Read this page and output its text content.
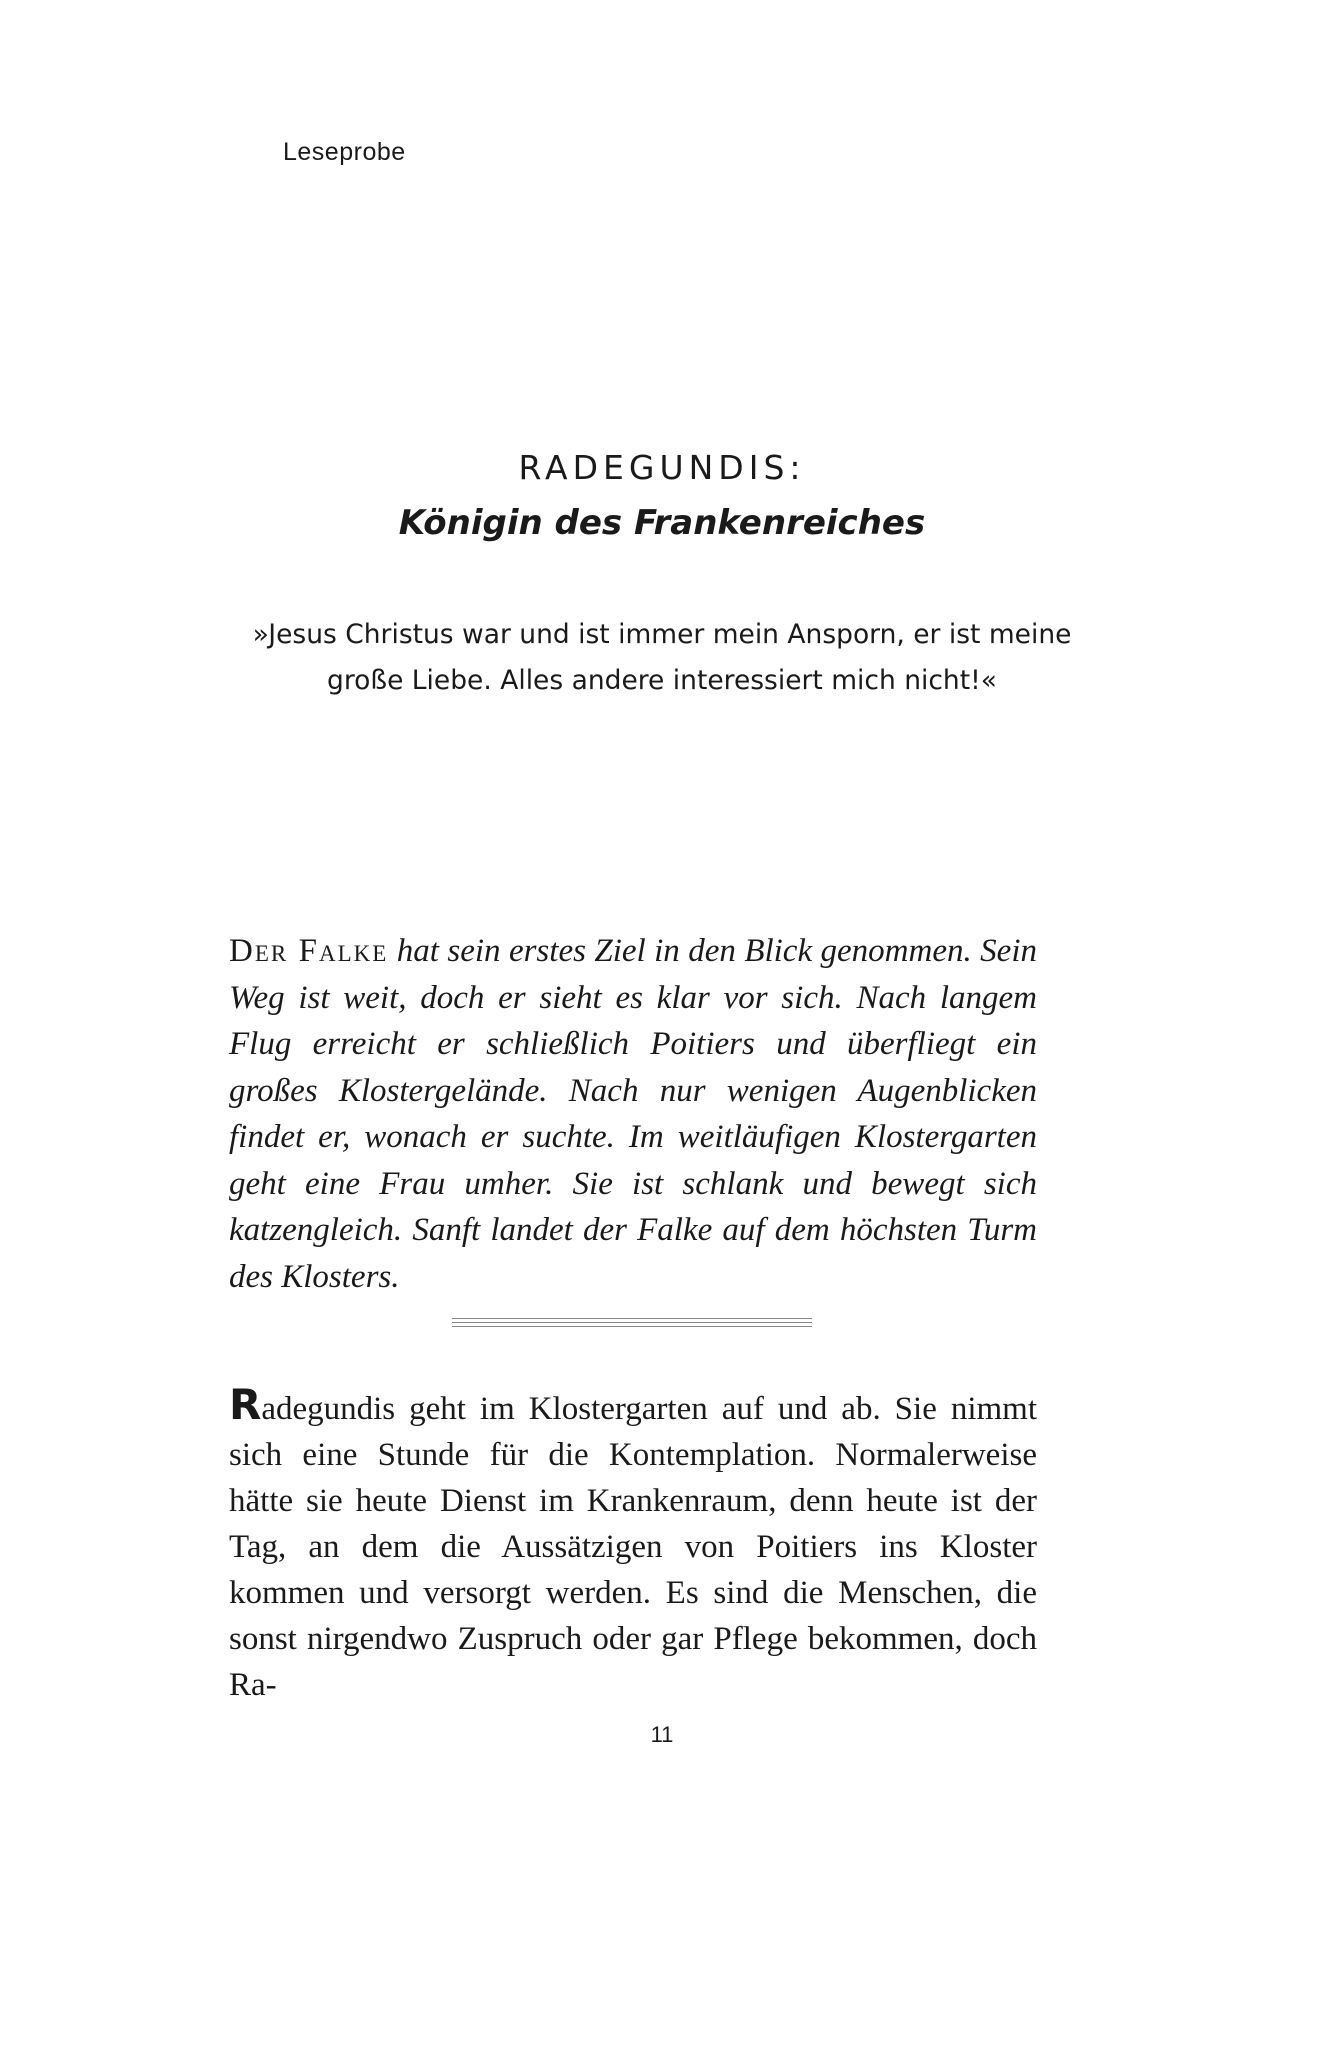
Leseprobe

RADEGUNDIS:
Königin des Frankenreiches

»Jesus Christus war und ist immer mein Ansporn, er ist meine
große Liebe. Alles andere interessiert mich nicht!«

Der Falke hat sein erstes Ziel in den Blick genommen. Sein Weg ist weit, doch er sieht es klar vor sich. Nach langem Flug erreicht er schließlich Poitiers und überfliegt ein großes Klostergelände. Nach nur wenigen Augenblicken findet er, wonach er suchte. Im weitläufigen Klostergarten geht eine Frau umher. Sie ist schlank und bewegt sich katzengleich. Sanft landet der Falke auf dem höchsten Turm des Klosters.

Radegundis geht im Klostergarten auf und ab. Sie nimmt sich eine Stunde für die Kontemplation. Normalerweise hätte sie heute Dienst im Krankenraum, denn heute ist der Tag, an dem die Aussätzigen von Poitiers ins Kloster kommen und versorgt werden. Es sind die Menschen, die sonst nirgendwo Zuspruch oder gar Pflege bekommen, doch Ra-

11
